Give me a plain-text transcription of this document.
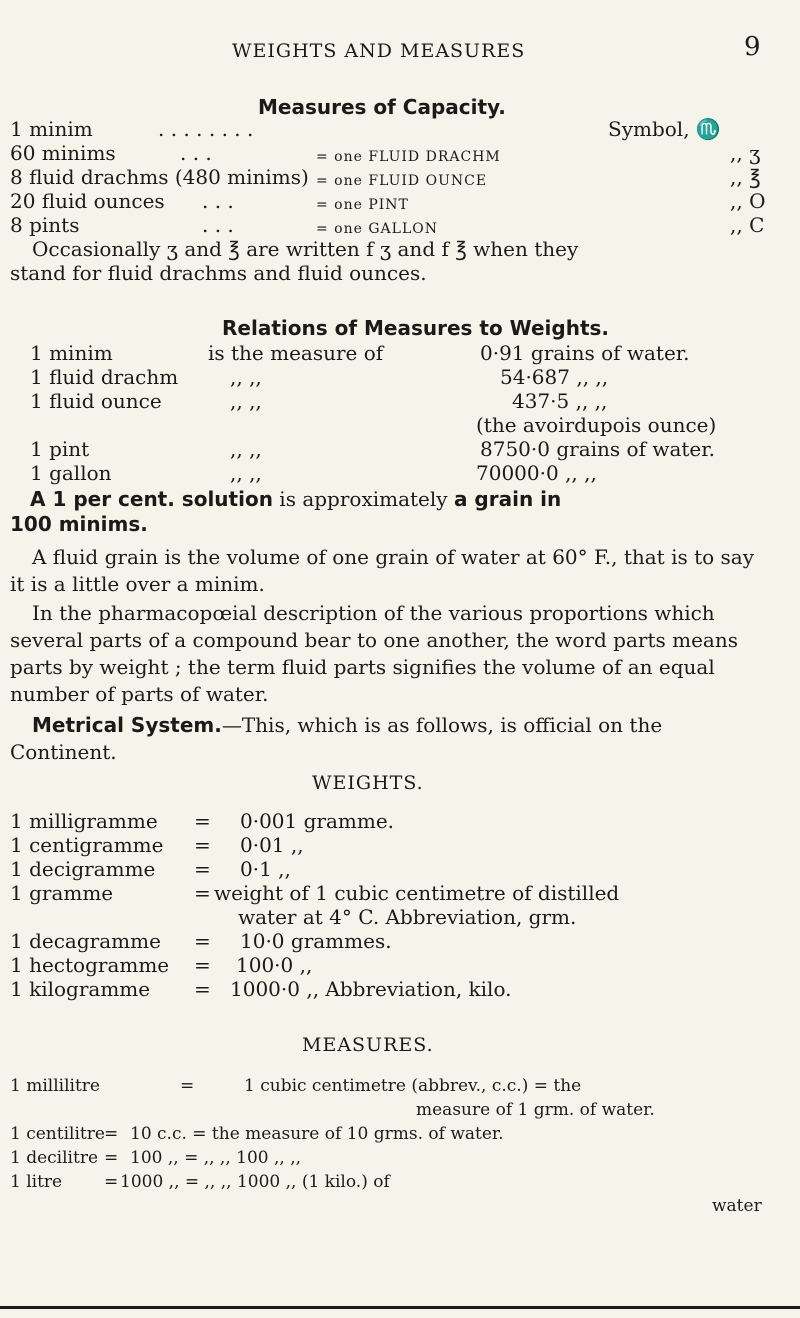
WEIGHTS AND MEASURES	9
Measures of Capacity.
1 minim	. . . . . . . .	Symbol, ♏
60 minims	. . .	= one FLUID DRACHM	,, ʒ
8 fluid drachms (480 minims) = one FLUID OUNCE	,, ℥
20 fluid ounces . . .	= one PINT	,, O
8 pints	. . .	= one GALLON	,, C
Occasionally ʒ and ℥ are written f ʒ and f ℥ when they
stand for fluid drachms and fluid ounces.
Relations of Measures to Weights.
1 minim	is the measure of	0·91 grains of water.
1 fluid drachm	,, ,,	54·687 ,, ,,
1 fluid ounce	,, ,,	437·5 ,, ,,
(the avoirdupois ounce)
1 pint	,, ,,	8750·0 grains of water.
1 gallon	,, ,,	70000·0 ,, ,,
A 1 per cent. solution is approximately a grain in
100 minims.

A fluid grain is the volume of one grain of water at 60° F., that is to say it is a little over a minim.

In the pharmacopœial description of the various proportions which several parts of a compound bear to one another, the word parts means parts by weight ; the term fluid parts signifies the volume of an equal number of parts of water.

Metrical System.—This, which is as follows, is official on the Continent.

WEIGHTS.
1 milligramme = 0·001 gramme.
1 centigramme = 0·01 ,,
1 decigramme = 0·1 ,,
1 gramme	= weight of 1 cubic centimetre of distilled
water at 4° C. Abbreviation, grm.
1 decagramme = 10·0 grammes.
1 hectogramme = 100·0 ,,
1 kilogramme = 1000·0 ,, Abbreviation, kilo.
MEASURES.
1 millilitre	=	1 cubic centimetre (abbrev., c.c.) = the
measure of 1 grm. of water.
1 centilitre = 10 c.c. = the measure of 10 grms. of water.
1 decilitre = 100 ,, = ,, ,, 100 ,, ,,
1 litre = 1000 ,, = ,, ,, 1000 ,, (1 kilo.) of
water
